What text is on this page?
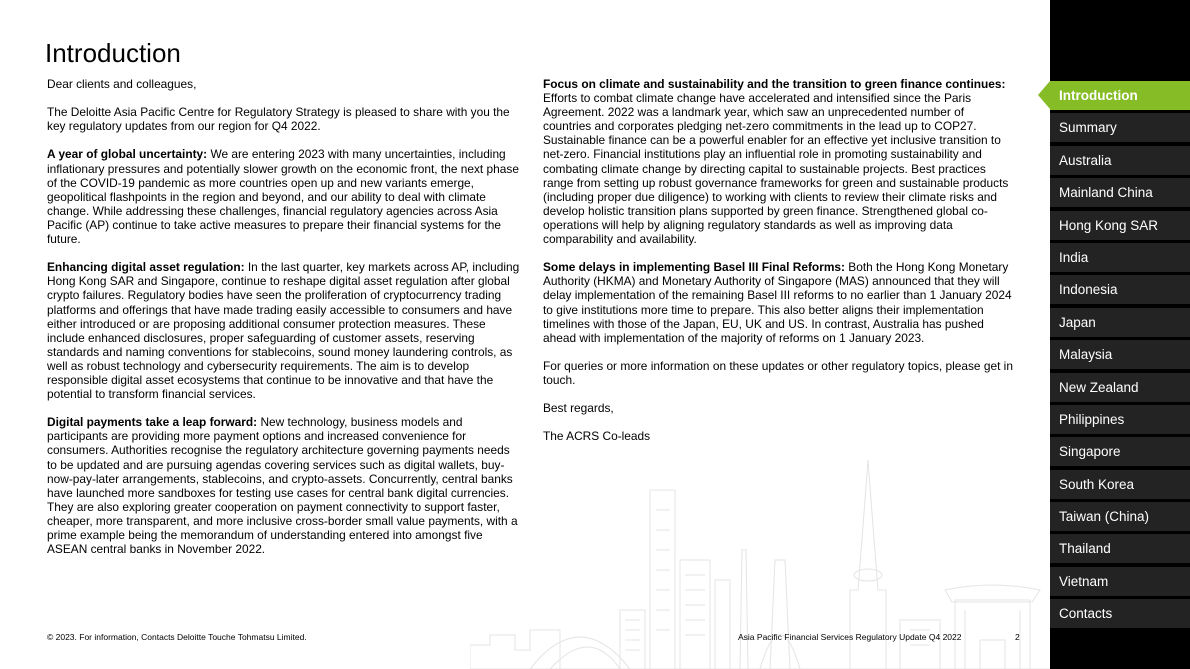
Introduction

Dear clients and colleagues,

The Deloitte Asia Pacific Centre for Regulatory Strategy is pleased to share with you the key regulatory updates from our region for Q4 2022.

A year of global uncertainty: We are entering 2023 with many uncertainties, including inflationary pressures and potentially slower growth on the economic front, the next phase of the COVID-19 pandemic as more countries open up and new variants emerge, geopolitical flashpoints in the region and beyond, and our ability to deal with climate change. While addressing these challenges, financial regulatory agencies across Asia Pacific (AP) continue to take active measures to prepare their financial systems for the future.

Enhancing digital asset regulation: In the last quarter, key markets across AP, including Hong Kong SAR and Singapore, continue to reshape digital asset regulation after global crypto failures. Regulatory bodies have seen the proliferation of cryptocurrency trading platforms and offerings that have made trading easily accessible to consumers and have either introduced or are proposing additional consumer protection measures. These include enhanced disclosures, proper safeguarding of customer assets, reserving standards and naming conventions for stablecoins, sound money laundering controls, as well as robust technology and cybersecurity requirements. The aim is to develop responsible digital asset ecosystems that continue to be innovative and that have the potential to transform financial services.

Digital payments take a leap forward: New technology, business models and participants are providing more payment options and increased convenience for consumers. Authorities recognise the regulatory architecture governing payments needs to be updated and are pursuing agendas covering services such as digital wallets, buy-now-pay-later arrangements, stablecoins, and crypto-assets. Concurrently, central banks have launched more sandboxes for testing use cases for central bank digital currencies. They are also exploring greater cooperation on payment connectivity to support faster, cheaper, more transparent, and more inclusive cross-border small value payments, with a prime example being the memorandum of understanding entered into amongst five ASEAN central banks in November 2022.

Focus on climate and sustainability and the transition to green finance continues: Efforts to combat climate change have accelerated and intensified since the Paris Agreement. 2022 was a landmark year, which saw an unprecedented number of countries and corporates pledging net-zero commitments in the lead up to COP27. Sustainable finance can be a powerful enabler for an effective yet inclusive transition to net-zero. Financial institutions play an influential role in promoting sustainability and combating climate change by directing capital to sustainable projects. Best practices range from setting up robust governance frameworks for green and sustainable products (including proper due diligence) to working with clients to review their climate risks and develop holistic transition plans supported by green finance. Strengthened global co-operations will help by aligning regulatory standards as well as improving data comparability and availability.

Some delays in implementing Basel III Final Reforms: Both the Hong Kong Monetary Authority (HKMA) and Monetary Authority of Singapore (MAS) announced that they will delay implementation of the remaining Basel III reforms to no earlier than 1 January 2024 to give institutions more time to prepare. This also better aligns their implementation timelines with those of the Japan, EU, UK and US. In contrast, Australia has pushed ahead with implementation of the majority of reforms on 1 January 2023.

For queries or more information on these updates or other regulatory topics, please get in touch.

Best regards,

The ACRS Co-leads

© 2023. For information, Contacts Deloitte Touche Tohmatsu Limited.	Asia Pacific Financial Services Regulatory Update Q4 2022	2
Introduction
Summary
Australia
Mainland China
Hong Kong SAR
India
Indonesia
Japan
Malaysia
New Zealand
Philippines
Singapore
South Korea
Taiwan (China)
Thailand
Vietnam
Contacts
